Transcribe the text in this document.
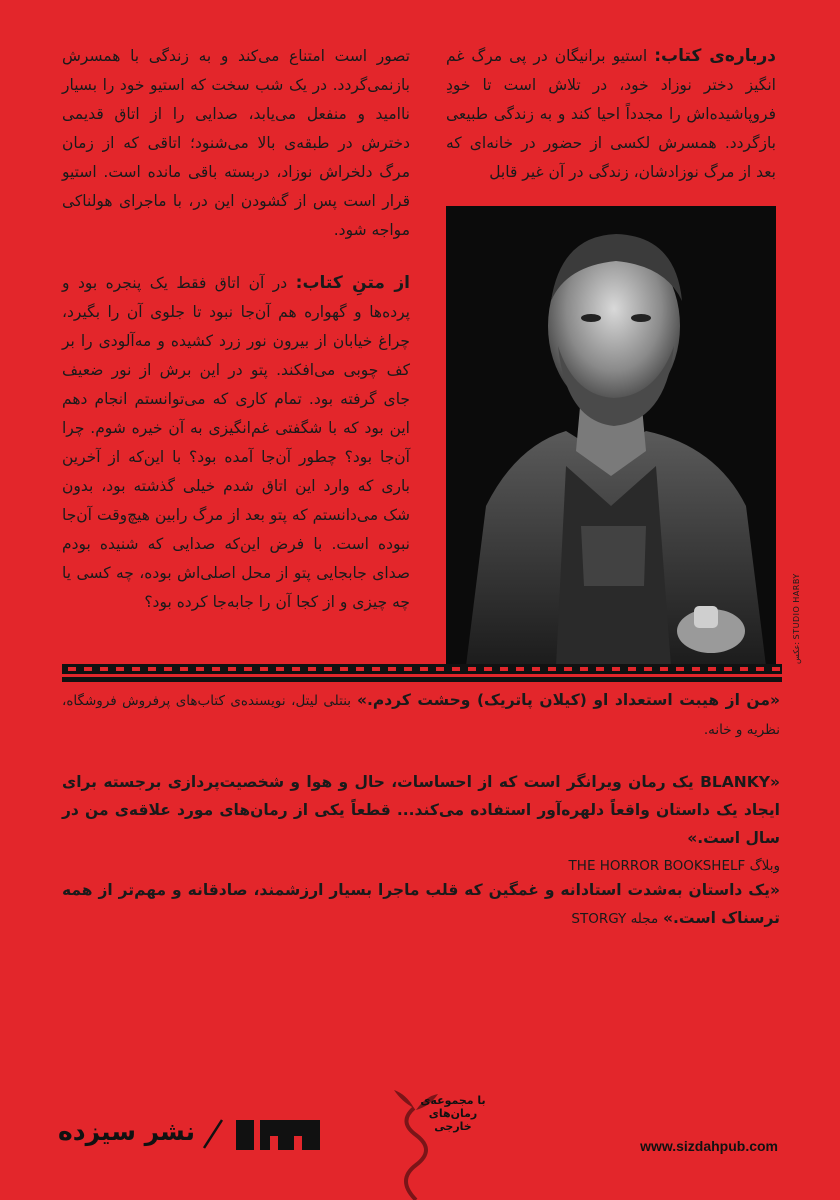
درباره‌ی کتاب: استیو برانیگان در پی مرگ غم انگیز دختر نوزاد خود، در تلاش است تا خودِ فروپاشیده‌اش را مجدداً احیا کند و به زندگی طبیعی بازگردد. همسرش لکسی از حضور در خانه‌ای که بعد از مرگ نوزادشان، زندگی در آن غیر قابل
تصور است امتناع می‌کند و به زندگی با همسرش بازنمی‌گردد. در یک شب سخت که استیو خود را بسیار ناامید و منفعل می‌یابد، صدایی را از اتاق قدیمی دخترش در طبقه‌ی بالا می‌شنود؛ اتاقی که از زمان مرگ دلخراش نوزاد، دربسته باقی مانده است. استیو قرار است پس از گشودن این در، با ماجرای هولناکی مواجه شود.
از متنِ کتاب: در آن اتاق فقط یک پنجره بود و پرده‌ها و گهواره هم آن‌جا نبود تا جلوی آن را بگیرد، چراغ خیابان از بیرون نور زرد کشیده و مه‌آلودی را بر کف چوبی می‌افکند. پتو در این برش از نور ضعیف جای گرفته بود. تمام کاری که می‌توانستم انجام دهم این بود که با شگفتی غم‌انگیزی به آن خیره شوم. چرا آن‌جا بود؟ چطور آن‌جا آمده بود؟ با این‌که از آخرین باری که وارد این اتاق شدم خیلی گذشته بود، بدون شک می‌دانستم که پتو بعد از مرگ رابین هیچ‌وقت آن‌جا نبوده است. با فرض این‌که صدایی که شنیده بودم صدای جابجایی پتو از محل اصلی‌اش بوده، چه کسی یا چه چیزی و از کجا آن را جابه‌جا کرده بود؟
عکس: STUDIO HARBY
«من از هیبت استعداد او (کیلان پاتریک) وحشت کردم.» بنتلی لیتل، نویسنده‌ی کتاب‌های پرفروش فروشگاه، نظریه و خانه.
«BLANKY یک رمان ویرانگر است که از احساسات، حال و هوا و شخصیت‌پردازی برجسته برای ایجاد یک داستان واقعاً دلهره‌آور استفاده می‌کند... قطعاً یکی از رمان‌های مورد علاقه‌ی من در سال است.»
وبلاگ THE HORROR BOOKSHELF
«یک داستان به‌شدت استادانه و غمگین که قلب ماجرا بسیار ارزشمند، صادقانه و مهم‌تر از همه ترسناک است.» مجله STORGY
نشر سیزده
با مجموعه‌ی رمان‌های خارجی
www.sizdahpub.com
